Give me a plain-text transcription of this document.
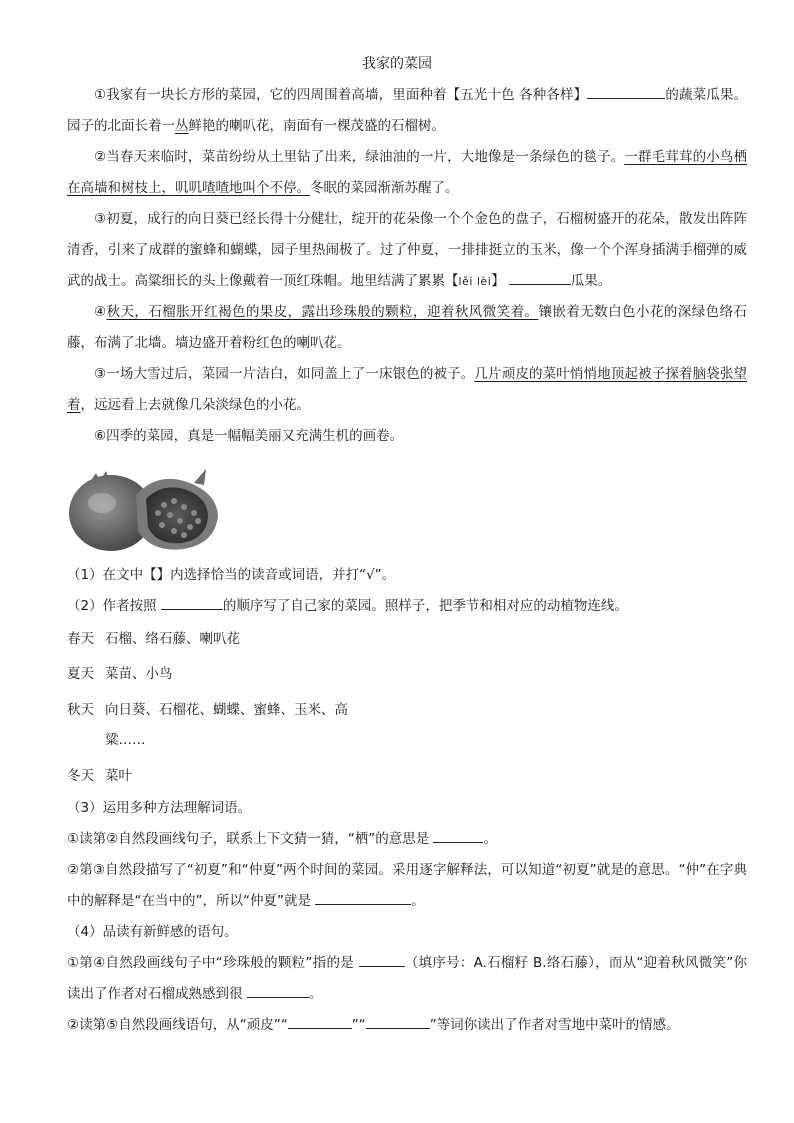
我家的菜园
①我家有一块长方形的菜园，它的四周围着高墙，里面种着【五光十色 各种各样】	的蔬菜瓜果。园子的北面长着一丛鲜艳的喇叭花，南面有一棵茂盛的石榴树。
②当春天来临时，菜苗纷纷从土里钻了出来，绿油油的一片，大地像是一条绿色的毯子。一群毛茸茸的小鸟栖在高墙和树枝上，叽叽喳喳地叫个不停。冬眠的菜园渐渐苏醒了。
③初夏，成行的向日葵已经长得十分健壮，绽开的花朵像一个个金色的盘子，石榴树盛开的花朵，散发出阵阵清香，引来了成群的蜜蜂和蝴蝶，园子里热闹极了。过了仲夏，一排排挺立的玉米，像一个个浑身插满手榴弹的威武的战士。高粱细长的头上像戴着一顶红珠帽。地里结满了累累【lěi lèi】	瓜果。
④秋天，石榴胀开红褐色的果皮，露出珍珠般的颗粒，迎着秋风微笑着。镶嵌着无数白色小花的深绿色络石藤，布满了北墙。墙边盛开着粉红色的喇叭花。
③一场大雪过后，菜园一片洁白，如同盖上了一床银色的被子。几片顽皮的菜叶悄悄地顶起被子探着脑袋张望着，远远看上去就像几朵淡绿色的小花。
⑥四季的菜园，真是一幅幅美丽又充满生机的画卷。
（1）在文中【】内选择恰当的读音或词语，并打“√”。
（2）作者按照	的顺序写了自己家的菜园。照样子，把季节和相对应的动植物连线。
春天 石榴、络石藤、喇叭花
夏天 菜苗、小鸟
秋天 向日葵、石榴花、蝴蝶、蜜蜂、玉米、高
粱……
冬天 菜叶
（3）运用多种方法理解词语。
①读第②自然段画线句子，联系上下文猜一猜，“栖”的意思是	。
②第③自然段描写了“初夏”和“仲夏”两个时间的菜园。采用逐字解释法，可以知道“初夏”就是的意思。“仲”在字典中的解释是“在当中的”，所以“仲夏”就是	。
（4）品读有新鲜感的语句。
①第④自然段画线句子中“珍珠般的颗粒”指的是	（填序号：A.石榴籽 B.络石藤），而从“迎着秋风微笑”你读出了作者对石榴成熟感到很	。
②读第⑤自然段画线语句，从“顽皮”“	”“	”等词你读出了作者对雪地中菜叶的情感。
